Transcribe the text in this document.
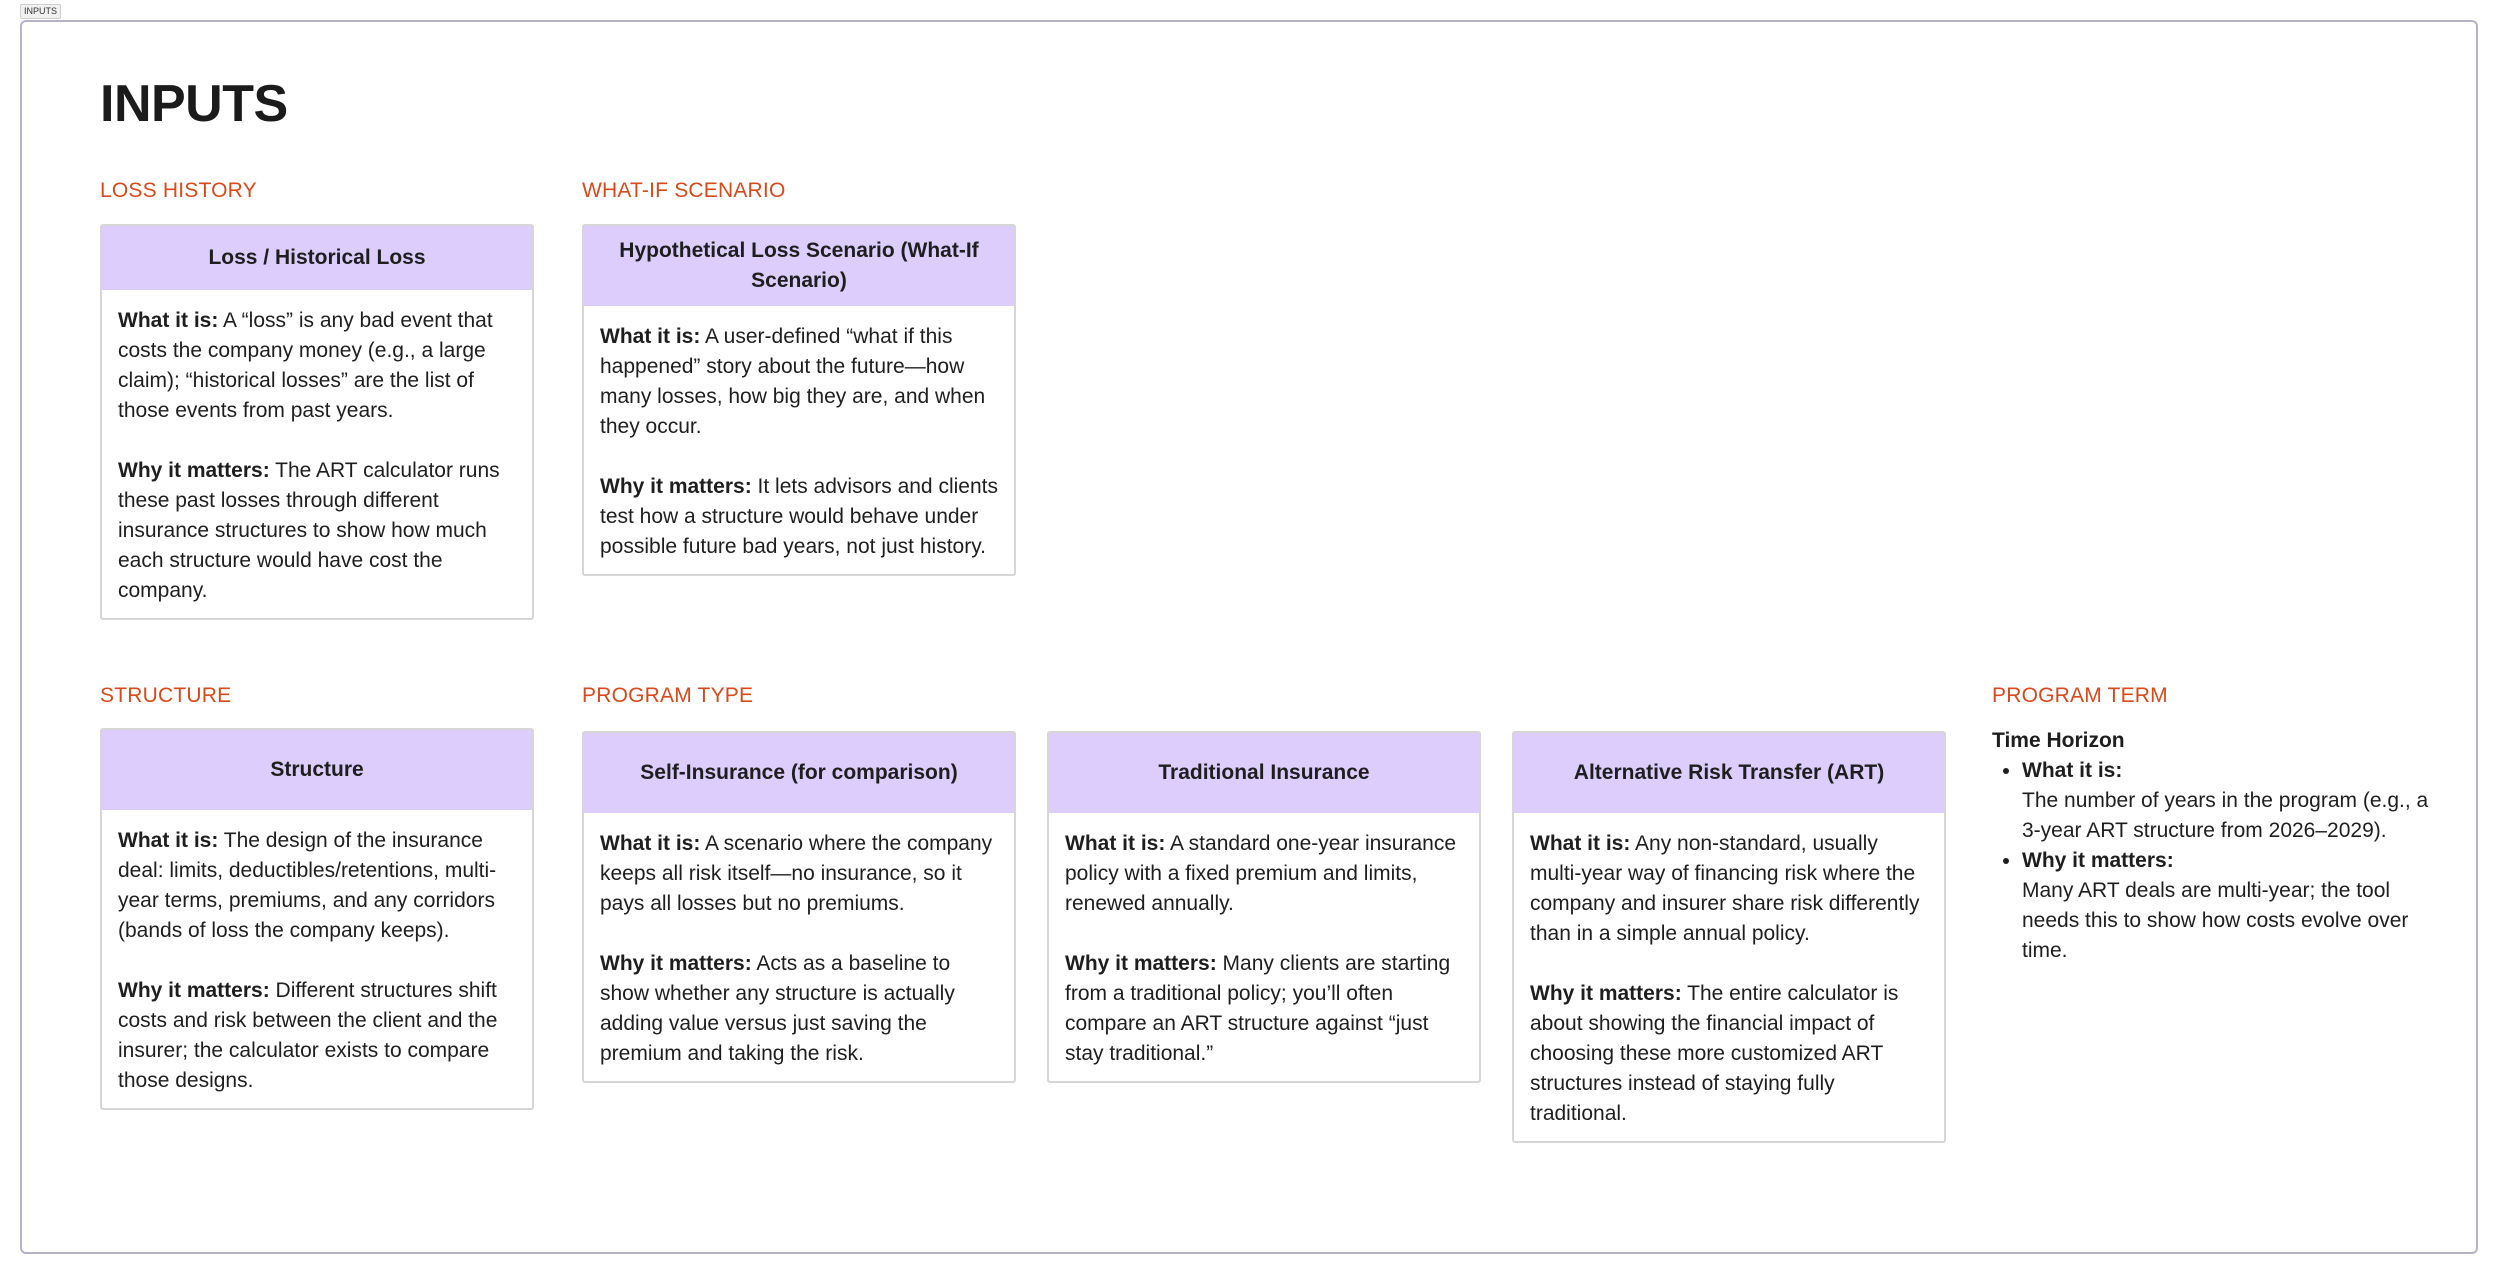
INPUTS
INPUTS
LOSS HISTORY	WHAT-IF SCENARIO
STRUCTURE	PROGRAM TYPE	PROGRAM TERM
Loss / Historical Loss

What it is: A “loss” is any bad event that costs the company money (e.g., a large claim); “historical losses” are the list of those events from past years.

Why it matters: The ART calculator runs these past losses through different insurance structures to show how much each structure would have cost the company.

Hypothetical Loss Scenario (What-If Scenario)

What it is: A user-defined “what if this happened” story about the future—how many losses, how big they are, and when they occur.

Why it matters: It lets advisors and clients test how a structure would behave under possible future bad years, not just history.

Structure

What it is: The design of the insurance deal: limits, deductibles/retentions, multi-year terms, premiums, and any corridors (bands of loss the company keeps).

Why it matters: Different structures shift costs and risk between the client and the insurer; the calculator exists to compare those designs.

Self-Insurance (for comparison)

What it is: A scenario where the company keeps all risk itself—no insurance, so it pays all losses but no premiums.

Why it matters: Acts as a baseline to show whether any structure is actually adding value versus just saving the premium and taking the risk.

Traditional Insurance

What it is: A standard one-year insurance policy with a fixed premium and limits, renewed annually.

Why it matters: Many clients are starting from a traditional policy; you’ll often compare an ART structure against “just stay traditional.”

Alternative Risk Transfer (ART)

What it is: Any non-standard, usually multi-year way of financing risk where the company and insurer share risk differently than in a simple annual policy.

Why it matters: The entire calculator is about showing the financial impact of choosing these more customized ART structures instead of staying fully traditional.

Time Horizon
• What it is:
The number of years in the program (e.g., a 3-year ART structure from 2026–2029).
• Why it matters:
Many ART deals are multi-year; the tool needs this to show how costs evolve over time.
